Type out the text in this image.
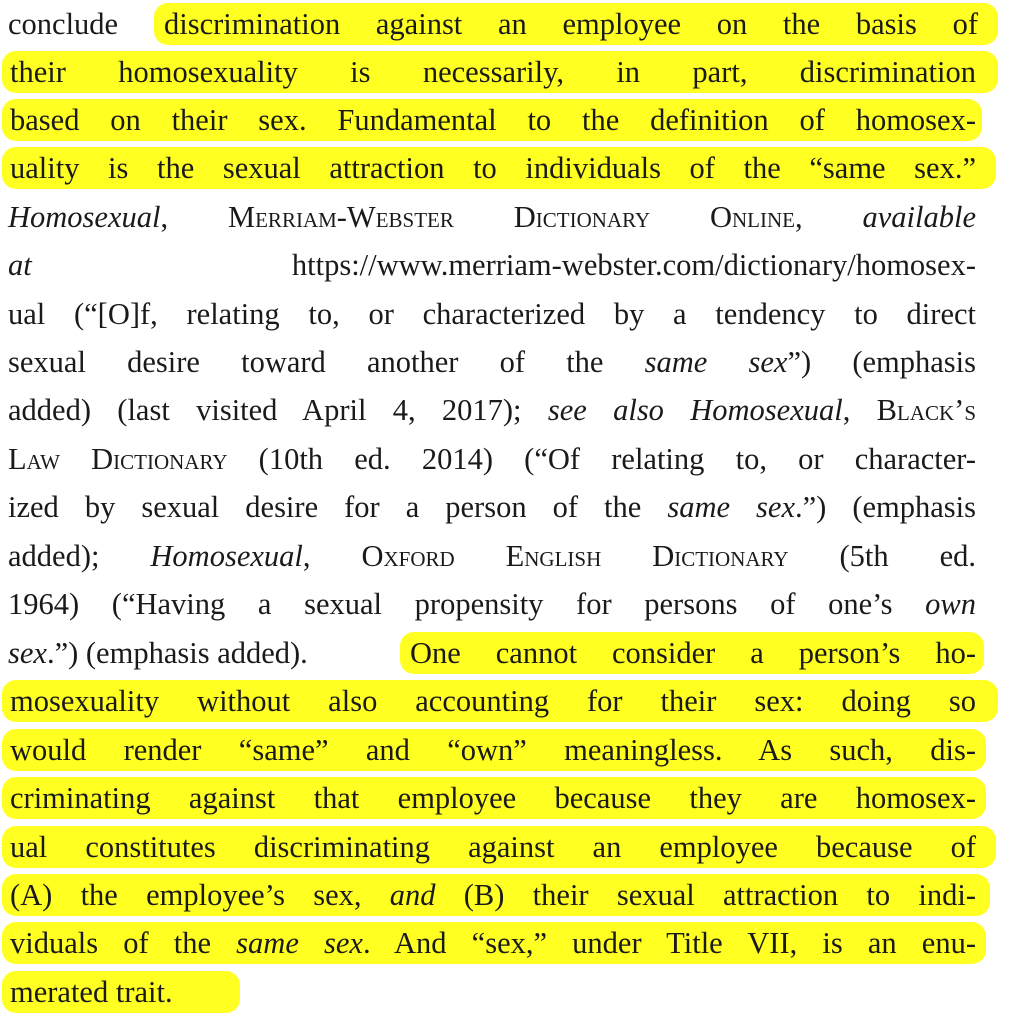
conclude discrimination against an employee on the basis of
their homosexuality is necessarily, in part, discrimination
based on their sex. Fundamental to the definition of homosex-
uality is the sexual attraction to individuals of the “same sex.”
Homosexual, Merriam-Webster Dictionary Online, available
at https://www.merriam-webster.com/dictionary/homosex-
ual (“[O]f, relating to, or characterized by a tendency to direct
sexual desire toward another of the same sex”) (emphasis
added) (last visited April 4, 2017); see also Homosexual, Black’s
Law Dictionary (10th ed. 2014) (“Of relating to, or character-
ized by sexual desire for a person of the same sex.”) (emphasis
added); Homosexual, Oxford English Dictionary (5th ed.
1964) (“Having a sexual propensity for persons of one’s own
sex.”) (emphasis added).	One cannot consider a person’s ho-
mosexuality without also accounting for their sex: doing so
would render “same” and “own” meaningless. As such, dis-
criminating against that employee because they are homosex-
ual constitutes discriminating against an employee because of
(A) the employee’s sex, and (B) their sexual attraction to indi-
viduals of the same sex. And “sex,” under Title VII, is an enu-
merated trait.
